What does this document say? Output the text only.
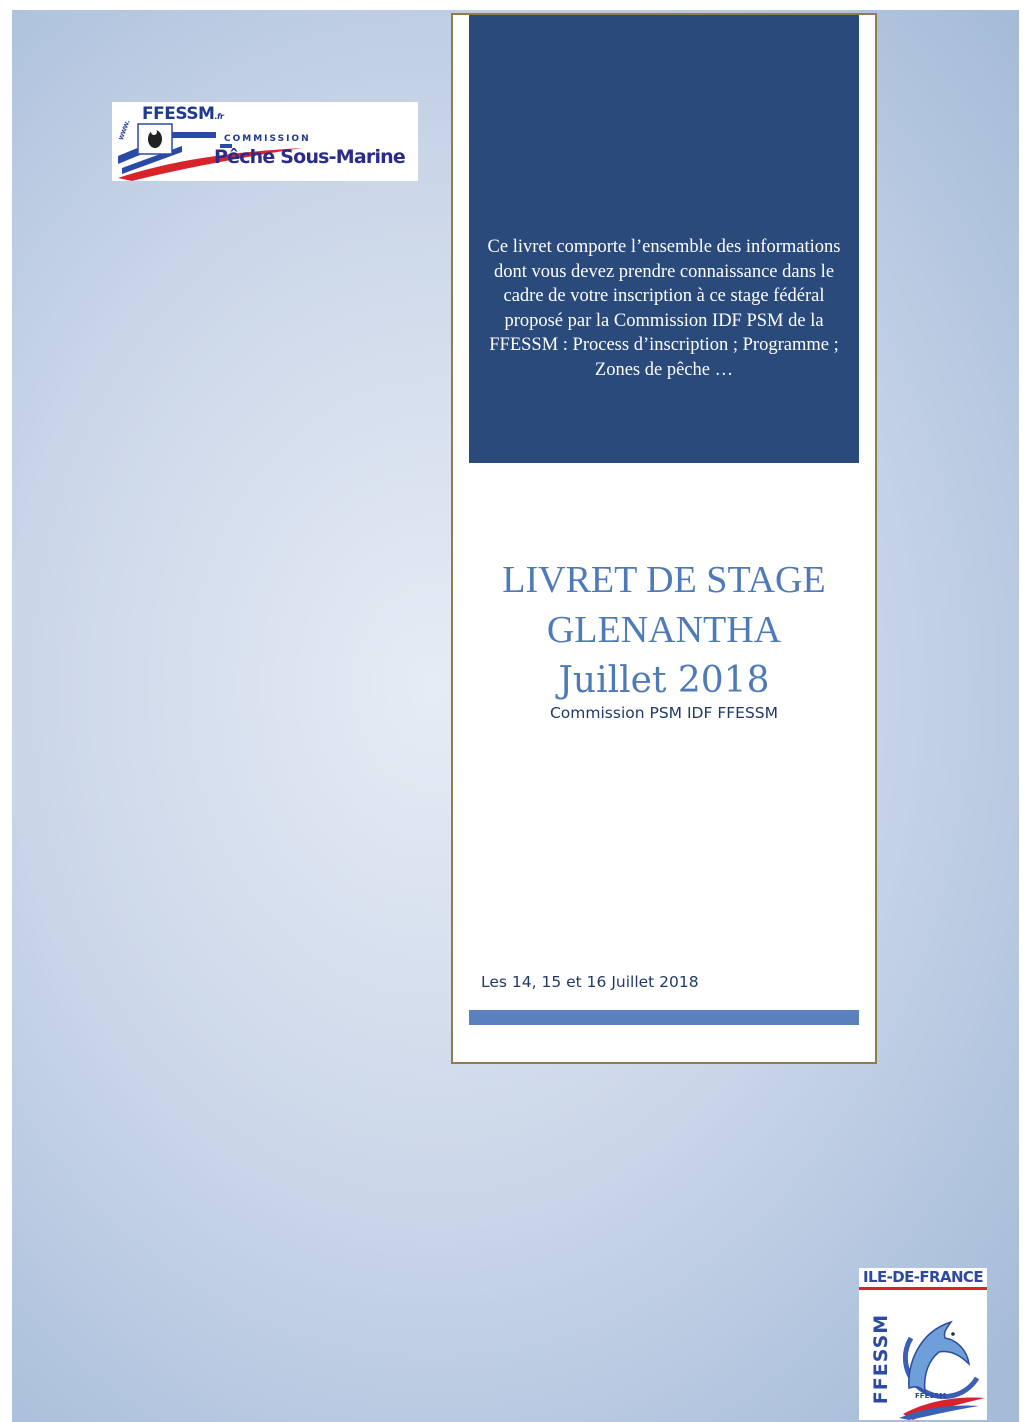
FFESSM.fr
www.	COMMISSION
Pêche Sous-Marine

Ce livret comporte l’ensemble des informations dont vous devez prendre connaissance dans le cadre de votre inscription à ce stage fédéral proposé par la Commission IDF PSM de la FFESSM : Process d’inscription ; Programme ; Zones de pêche …

LIVRET DE STAGE
GLENANTHA
Juillet 2018
Commission PSM IDF FFESSM

Les 14, 15 et 16 Juillet 2018

ILE-DE-FRANCE
FFESSM	FFESSM
